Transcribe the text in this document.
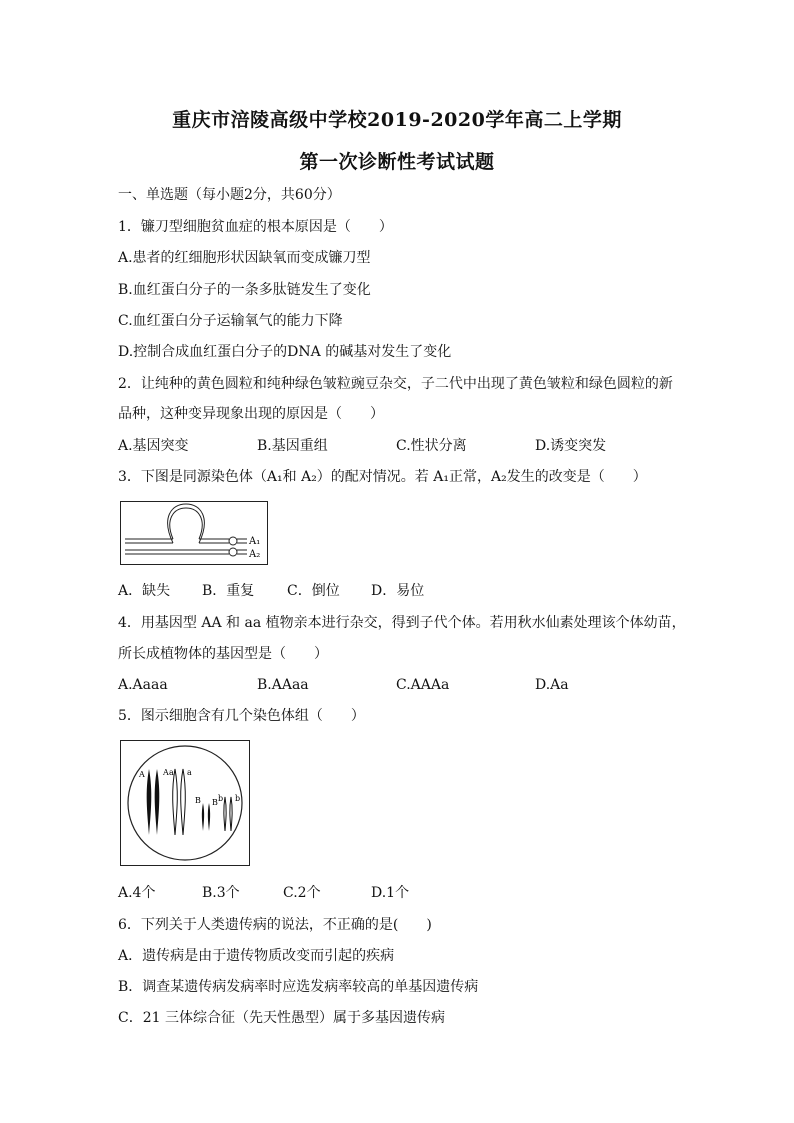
重庆市涪陵高级中学校2019-2020学年高二上学期
第一次诊断性考试试题
一、单选题（每小题2分，共60分）
1．镰刀型细胞贫血症的根本原因是（　　）
A.患者的红细胞形状因缺氧而变成镰刀型
B.血红蛋白分子的一条多肽链发生了变化
C.血红蛋白分子运输氧气的能力下降
D.控制合成血红蛋白分子的DNA 的碱基对发生了变化
2．让纯种的黄色圆粒和纯种绿色皱粒豌豆杂交，子二代中出现了黄色皱粒和绿色圆粒的新
品种，这种变异现象出现的原因是（　　）
A.基因突变	B.基因重组	C.性状分离	D.诱变突发
3．下图是同源染色体（A₁和 A₂）的配对情况。若 A₁正常，A₂发生的改变是（　　）
A₁
A₂
A．缺失 B．重复 C．倒位 D．易位
4．用基因型 AA 和 aa 植物亲本进行杂交，得到子代个体。若用秋水仙素处理该个体幼苗，
所长成植物体的基因型是（　　）
A.Aaaa	B.AAaa	C.AAAa	D.Aa
5．图示细胞含有几个染色体组（　　）
A A a a
B B b b
A.4个	B.3个	C.2个	D.1个
6．下列关于人类遗传病的说法，不正确的是(　　)
A．遗传病是由于遗传物质改变而引起的疾病
B．调查某遗传病发病率时应选发病率较高的单基因遗传病
C．21 三体综合征（先天性愚型）属于多基因遗传病
